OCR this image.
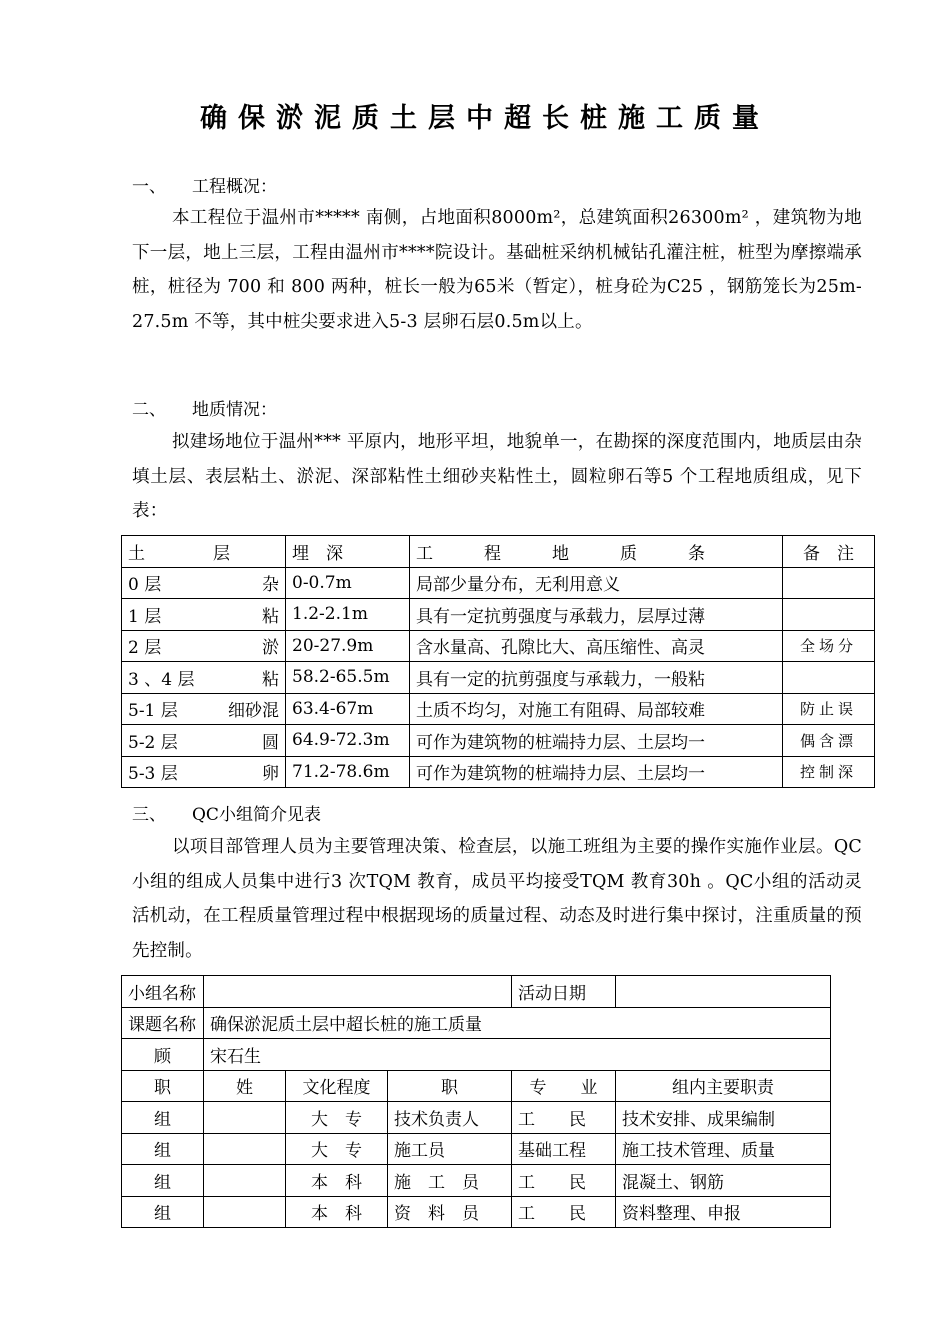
确保淤泥质土层中超长桩施工质量
一、 工程概况：
本工程位于温州市***** 南侧，占地面积8000m²，总建筑面积26300m² ，建筑物为地下一层，地上三层，工程由温州市****院设计。基础桩采纳机械钻孔灌注桩，桩型为摩擦端承桩，桩径为 700 和 800 两种，桩长一般为65米（暂定），桩身砼为C25 ，钢筋笼长为25m-27.5m 不等，其中桩尖要求进入5-3 层卵石层0.5m以上。
二、 地质情况：
拟建场地位于温州*** 平原内，地形平坦，地貌单一，在勘探的深度范围内，地质层由杂填土层、表层粘土、淤泥、深部粘性土细砂夹粘性土，圆粒卵石等5 个工程地质组成，见下表：
土　　　　层	埋　深	工　　　程　　　地　　　质　　　条	备　注
0 层 杂	0-0.7m	局部少量分布，无利用意义	
1 层 粘	1.2-2.1m	具有一定抗剪强度与承载力，层厚过薄	
2 层 淤	20-27.9m	含水量高、孔隙比大、高压缩性、高灵	全场分
3 、4 层 粘	58.2-65.5m	具有一定的抗剪强度与承载力，一般粘	
5-1 层 细砂混	63.4-67m	土质不均匀，对施工有阻碍、局部较难	防止误
5-2 层 圆	64.9-72.3m	可作为建筑物的桩端持力层、土层均一	偶含漂
5-3 层 卵	71.2-78.6m	可作为建筑物的桩端持力层、土层均一	控制深
三、 QC小组简介见表
以项目部管理人员为主要管理决策、检查层，以施工班组为主要的操作实施作业层。QC小组的组成人员集中进行3 次TQM 教育，成员平均接受TQM 教育30h 。QC小组的活动灵活机动，在工程质量管理过程中根据现场的质量过程、动态及时进行集中探讨，注重质量的预先控制。
小组名称				活动日期	
课题名称	确保淤泥质土层中超长桩的施工质量				
顾	宋石生				
职	姓	文化程度	职	专　　业	组内主要职责
组		大　专	技术负责人	工　　民	技术安排、成果编制
组		大　专	施工员	基础工程	施工技术管理、质量
组		本　科	施　工　员	工　　民	混凝土、钢筋
组		本　科	资　料　员	工　　民	资料整理、申报
